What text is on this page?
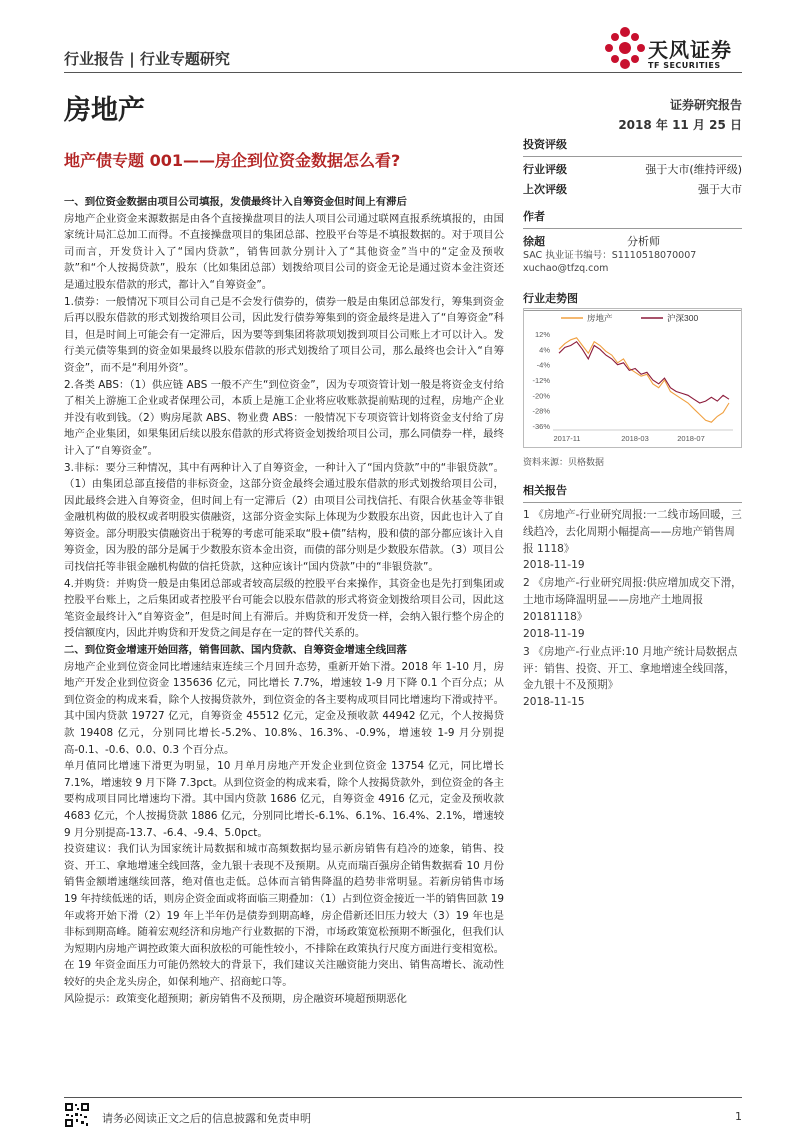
行业报告 | 行业专题研究	天风证券
TF SECURITIES
房地产	证券研究报告
2018 年 11 月 25 日
地产债专题 001——房企到位资金数据怎么看?
投资评级
行业评级	强于大市(维持评级)
上次评级	强于大市
作者
徐超	分析师
SAC 执业证书编号：S1110518070007
xuchao@tfzq.com
行业走势图
房地产	沪深300
12%
4%
-4%
-12%
-20%
-28%
-36%
2017-11	2018-03	2018-07
资料来源：贝格数据
相关报告
1 《房地产-行业研究周报:一二线市场回暖，三线趋冷，去化周期小幅提高——房地产销售周报 1118》
2018-11-19
2 《房地产-行业研究周报:供应增加成交下滑，土地市场降温明显——房地产土地周报 20181118》
2018-11-19
3 《房地产-行业点评:10 月地产统计局数据点评：销售、投资、开工、拿地增速全线回落，金九银十不及预期》
2018-11-15

一、到位资金数据由项目公司填报，发债最终计入自筹资金但时间上有滞后

房地产企业资金来源数据是由各个直接操盘项目的法人项目公司通过联网直报系统填报的，由国家统计局汇总加工而得。不直接操盘项目的集团总部、控股平台等是不填报数据的。对于项目公司而言，开发贷计入了“国内贷款”，销售回款分别计入了“其他资金”当中的“定金及预收款”和“个人按揭贷款”，股东（比如集团总部）划拨给项目公司的资金无论是通过资本金注资还是通过股东借款的形式，都计入“自筹资金”。

1.债券：一般情况下项目公司自己是不会发行债券的，债券一般是由集团总部发行，筹集到资金后再以股东借款的形式划拨给项目公司，因此发行债券筹集到的资金最终是进入了“自筹资金”科目，但是时间上可能会有一定滞后，因为要等到集团将款项划拨到项目公司账上才可以计入。发行美元债等集到的资金如果最终以股东借款的形式划拨给了项目公司，那么最终也会计入“自筹资金”，而不是“利用外资”。

2.各类 ABS：（1）供应链 ABS 一般不产生“到位资金”，因为专项资管计划一般是将资金支付给了相关上游施工企业或者保理公司，本质上是施工企业将应收账款提前贴现的过程，房地产企业并没有收到钱。（2）购房尾款 ABS、物业费 ABS：一般情况下专项资管计划将资金支付给了房地产企业集团，如果集团后续以股东借款的形式将资金划拨给项目公司，那么同债券一样，最终计入了“自筹资金”。

3.非标：要分三种情况，其中有两种计入了自筹资金，一种计入了“国内贷款”中的“非银贷款”。（1）由集团总部直接借的非标资金，这部分资金最终会通过股东借款的形式划拨给项目公司，因此最终会进入自筹资金，但时间上有一定滞后（2）由项目公司找信托、有限合伙基金等非银金融机构做的股权或者明股实债融资，这部分资金实际上体现为少数股东出资，因此也计入了自筹资金。部分明股实债融资出于税筹的考虑可能采取“股+债”结构，股和债的部分都应该计入自筹资金，因为股的部分是属于少数股东资本金出资，而债的部分则是少数股东借款。（3）项目公司找信托等非银金融机构做的信托贷款，这种应该计“国内贷款”中的“非银贷款”。

4.并购贷：并购贷一般是由集团总部或者较高层级的控股平台来操作，其资金也是先打到集团或控股平台账上，之后集团或者控股平台可能会以股东借款的形式将资金划拨给项目公司，因此这笔资金最终计入“自筹资金”，但是时间上有滞后。并购贷和开发贷一样，会纳入银行整个房企的授信额度内，因此并购贷和开发贷之间是存在一定的替代关系的。

二、到位资金增速开始回落，销售回款、国内贷款、自筹资金增速全线回落

房地产企业到位资金同比增速结束连续三个月回升态势，重新开始下滑。2018 年 1-10 月，房地产开发企业到位资金 135636 亿元，同比增长 7.7%，增速较 1-9 月下降 0.1 个百分点；从到位资金的构成来看，除个人按揭贷款外，到位资金的各主要构成项目同比增速均下滑或持平。其中国内贷款 19727 亿元，自筹资金 45512 亿元，定金及预收款 44942 亿元，个人按揭贷款 19408 亿元，分别同比增长-5.2%、10.8%、16.3%、-0.9%，增速较 1-9 月分别提高-0.1、-0.6、0.0、0.3 个百分点。

单月值同比增速下滑更为明显，10 月单月房地产开发企业到位资金 13754 亿元，同比增长 7.1%，增速较 9 月下降 7.3pct。从到位资金的构成来看，除个人按揭贷款外，到位资金的各主要构成项目同比增速均下滑。其中国内贷款 1686 亿元，自筹资金 4916 亿元，定金及预收款 4683 亿元，个人按揭贷款 1886 亿元，分别同比增长-6.1%、6.1%、16.4%、2.1%，增速较 9 月分别提高-13.7、-6.4、-9.4、5.0pct。

投资建议：我们认为国家统计局数据和城市高频数据均显示新房销售有趋冷的迹象，销售、投资、开工、拿地增速全线回落，金九银十表现不及预期。从克而瑞百强房企销售数据看 10 月份销售金额增速继续回落，绝对值也走低。总体而言销售降温的趋势非常明显。若新房销售市场 19 年持续低迷的话，则房企资金面或将面临三期叠加：（1）占到位资金接近一半的销售回款 19 年或将开始下滑（2）19 年上半年仍是债券到期高峰，房企借新还旧压力较大（3）19 年也是非标到期高峰。随着宏观经济和房地产行业数据的下滑，市场政策宽松预期不断强化，但我们认为短期内房地产调控政策大面积放松的可能性较小，不排除在政策执行尺度方面进行变相宽松。在 19 年资金面压力可能仍然较大的背景下，我们建议关注融资能力突出、销售高增长、流动性较好的央企龙头房企，如保利地产、招商蛇口等。

风险提示：政策变化超预期；新房销售不及预期，房企融资环境超预期恶化

请务必阅读正文之后的信息披露和免责申明	1
